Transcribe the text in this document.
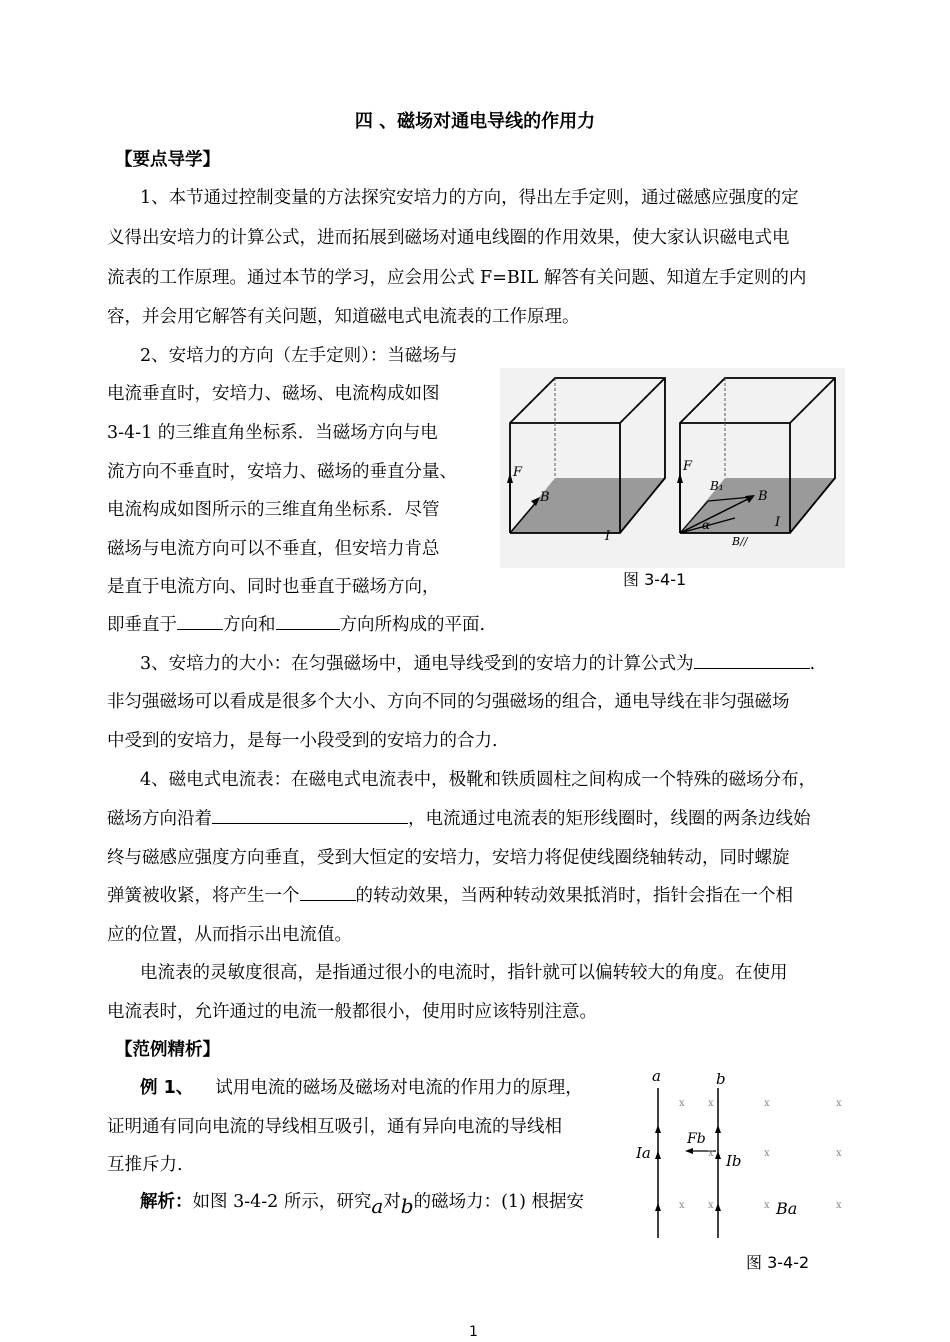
四 、磁场对通电导线的作用力
【要点导学】
1、本节通过控制变量的方法探究安培力的方向，得出左手定则，通过磁感应强度的定
义得出安培力的计算公式，进而拓展到磁场对通电线圈的作用效果，使大家认识磁电式电
流表的工作原理。通过本节的学习，应会用公式 F=BIL 解答有关问题、知道左手定则的内
容，并会用它解答有关问题，知道磁电式电流表的工作原理。
2、安培力的方向（左手定则）：当磁场与
电流垂直时，安培力、磁场、电流构成如图
3-4-1 的三维直角坐标系．当磁场方向与电
流方向不垂直时，安培力、磁场的垂直分量、
电流构成如图所示的三维直角坐标系．尽管
磁场与电流方向可以不垂直，但安培力肯总
是直于电流方向、同时也垂直于磁场方向，
即垂直于	方向和	方向所构成的平面.
F
B
I
F
B
B₁
B//
α	I
图 3-4-1
3、安培力的大小：在匀强磁场中，通电导线受到的安培力的计算公式为	.
非匀强磁场可以看成是很多个大小、方向不同的匀强磁场的组合，通电导线在非匀强磁场
中受到的安培力，是每一小段受到的安培力的合力.
4、磁电式电流表：在磁电式电流表中，极靴和铁质圆柱之间构成一个特殊的磁场分布，
磁场方向沿着	，电流通过电流表的矩形线圈时，线圈的两条边线始
终与磁感应强度方向垂直，受到大恒定的安培力，安培力将促使线圈绕轴转动，同时螺旋
弹簧被收紧，将产生一个	的转动效果，当两种转动效果抵消时，指针会指在一个相
应的位置，从而指示出电流值。
电流表的灵敏度很高，是指通过很小的电流时，指针就可以偏转较大的角度。在使用
电流表时，允许通过的电流一般都很小，使用时应该特别注意。
【范例精析】
例 1、 试用电流的磁场及磁场对电流的作用力的原理，
证明通有同向电流的导线相互吸引，通有异向电流的导线相
互推斥力.
解析：如图 3-4-2 所示，研究a对b的磁场力：(1) 根据安
a	b
Fb
Ia	Ib
Ba
x x	x	x
x	x	x
x x	x	x
图 3-4-2
1
